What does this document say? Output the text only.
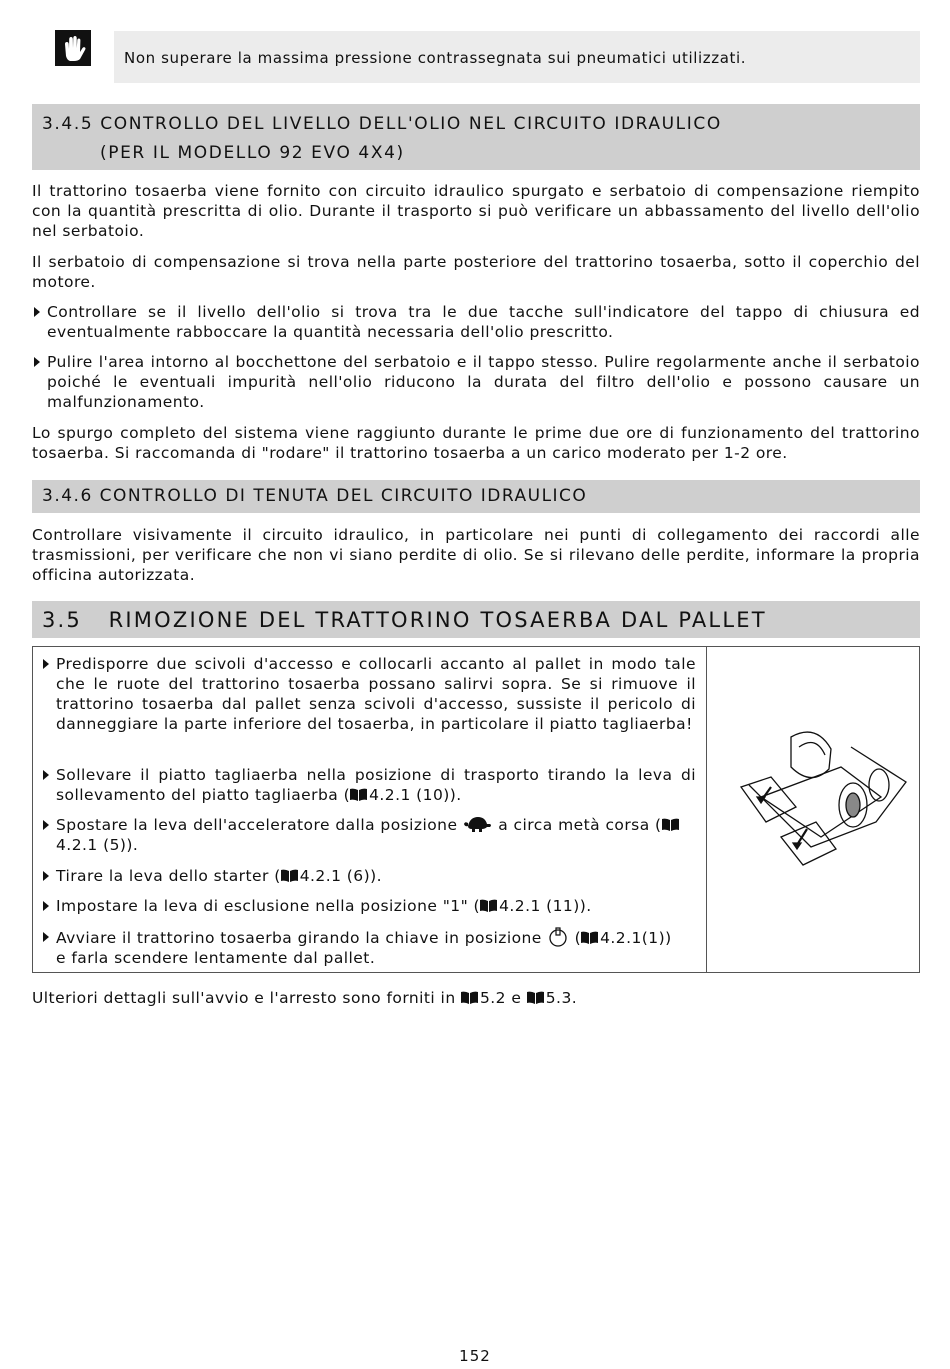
Non superare la massima pressione contrassegnata sui pneumatici utilizzati.
3.4.5 CONTROLLO DEL LIVELLO DELL'OLIO NEL CIRCUITO IDRAULICO
(PER IL MODELLO 92 EVO 4X4)

Il trattorino tosaerba viene fornito con circuito idraulico spurgato e serbatoio di compensazione riempito con la quantità prescritta di olio. Durante il trasporto si può verificare un abbassamento del livello dell'olio nel serbatoio.

Il serbatoio di compensazione si trova nella parte posteriore del trattorino tosaerba, sotto il coperchio del motore.

Controllare se il livello dell'olio si trova tra le due tacche sull'indicatore del tappo di chiusura ed eventualmente rabboccare la quantità necessaria dell'olio prescritto.

Pulire l'area intorno al bocchettone del serbatoio e il tappo stesso. Pulire regolarmente anche il serbatoio poiché le eventuali impurità nell'olio riducono la durata del filtro dell'olio e possono causare un malfunzionamento.

Lo spurgo completo del sistema viene raggiunto durante le prime due ore di funzionamento del trattorino tosaerba. Si raccomanda di "rodare" il trattorino tosaerba a un carico moderato per 1-2 ore.

3.4.6 CONTROLLO DI TENUTA DEL CIRCUITO IDRAULICO

Controllare visivamente il circuito idraulico, in particolare nei punti di collegamento dei raccordi alle trasmissioni, per verificare che non vi siano perdite di olio. Se si rilevano delle perdite, informare la propria officina autorizzata.

3.5   RIMOZIONE DEL TRATTORINO TOSAERBA DAL PALLET

Predisporre due scivoli d'accesso e collocarli accanto al pallet in modo tale che le ruote del trattorino tosaerba possano salirvi sopra. Se si rimuove il trattorino tosaerba dal pallet senza scivoli d'accesso, sussiste il pericolo di danneggiare la parte inferiore del tosaerba, in particolare il piatto tagliaerba!

Sollevare il piatto tagliaerba nella posizione di trasporto tirando la leva di sollevamento del piatto tagliaerba ( 4.2.1 (10)).

Spostare la leva dell'acceleratore dalla posizione	a circa metà corsa (
4.2.1 (5)).

Tirare la leva dello starter ( 4.2.1 (6)).

Impostare la leva di esclusione nella posizione "1" ( 4.2.1 (11)).

Avviare il trattorino tosaerba girando la chiave in posizione ( 4.2.1(1))
e farla scendere lentamente dal pallet.

Ulteriori dettagli sull'avvio e l'arresto sono forniti in 5.2 e 5.3.

152
